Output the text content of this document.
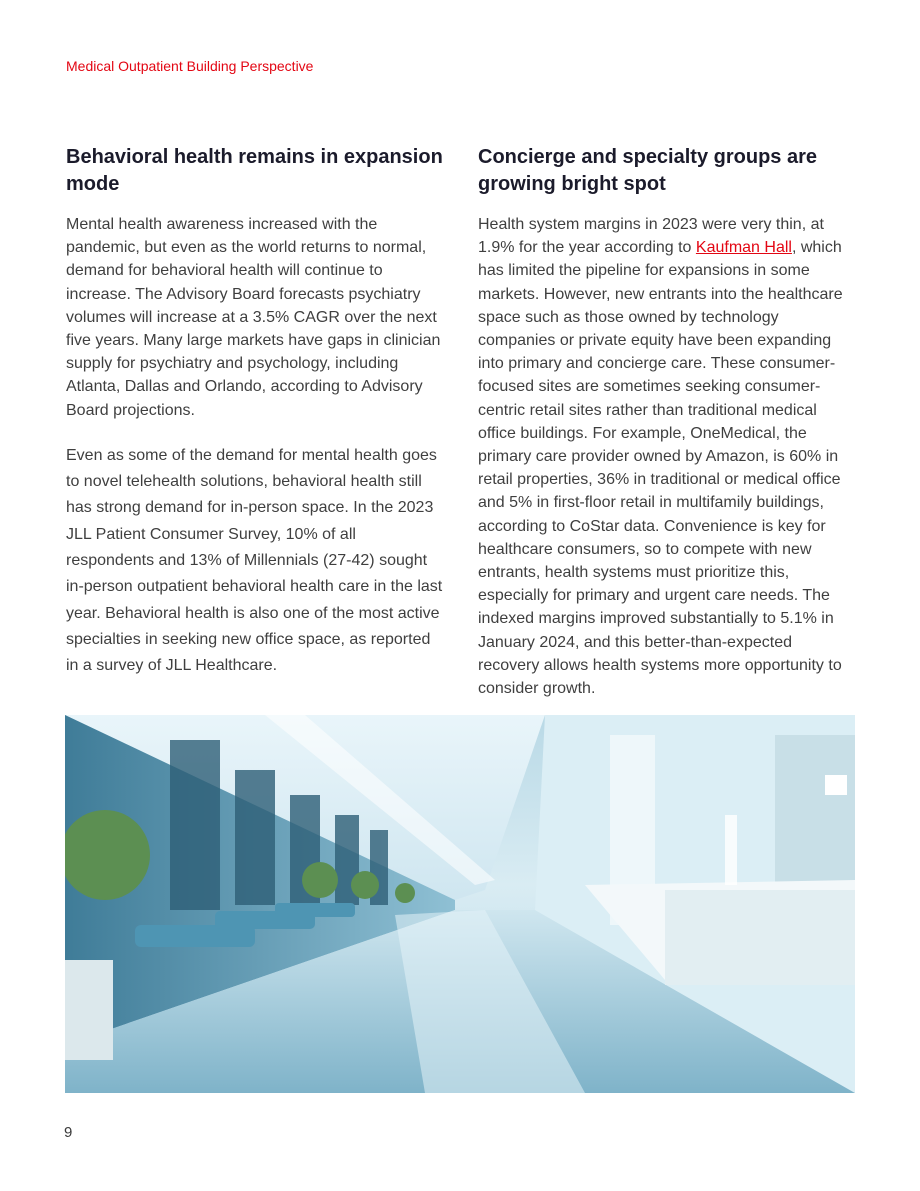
Medical Outpatient Building Perspective
Behavioral health remains in expansion mode

Mental health awareness increased with the pandemic, but even as the world returns to normal, demand for behavioral health will continue to increase. The Advisory Board forecasts psychiatry volumes will increase at a 3.5% CAGR over the next five years. Many large markets have gaps in clinician supply for psychiatry and psychology, including Atlanta, Dallas and Orlando, according to Advisory Board projections.

Even as some of the demand for mental health goes to novel telehealth solutions, behavioral health still has strong demand for in-person space. In the 2023 JLL Patient Consumer Survey, 10% of all respondents and 13% of Millennials (27-42) sought in-person outpatient behavioral health care in the last year. Behavioral health is also one of the most active specialties in seeking new office space, as reported in a survey of JLL Healthcare.

Concierge and specialty groups are growing bright spot

Health system margins in 2023 were very thin, at 1.9% for the year according to Kaufman Hall, which has limited the pipeline for expansions in some markets. However, new entrants into the healthcare space such as those owned by technology companies or private equity have been expanding into primary and concierge care. These consumer-focused sites are sometimes seeking consumer-centric retail sites rather than traditional medical office buildings. For example, OneMedical, the primary care provider owned by Amazon, is 60% in retail properties, 36% in traditional or medical office and 5% in first-floor retail in multifamily buildings, according to CoStar data. Convenience is key for healthcare consumers, so to compete with new entrants, health systems must prioritize this, especially for primary and urgent care needs. The indexed margins improved substantially to 5.1% in January 2024, and this better-than-expected recovery allows health systems more opportunity to consider growth.

9
